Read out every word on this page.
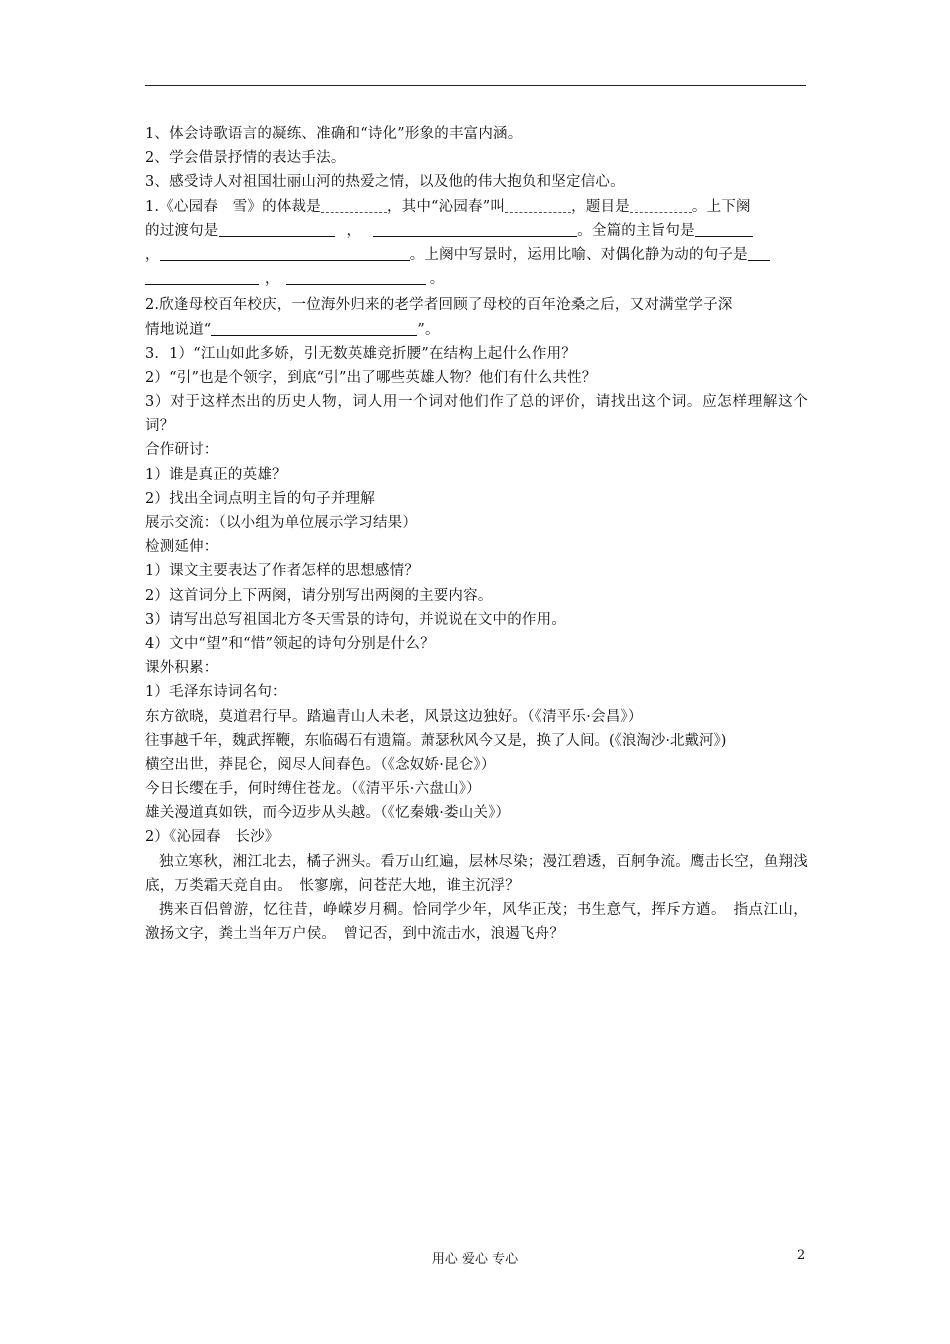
1、体会诗歌语言的凝练、准确和“诗化”形象的丰富内涵。
2、学会借景抒情的表达手法。
3、感受诗人对祖国壮丽山河的热爱之情，以及他的伟大抱负和坚定信心。
1.《心园春　雪》的体裁是	，其中“沁园春”叫	，题目是	。上下阕
的过渡句是	，	。全篇的主旨句是
，	。上阕中写景时，运用比喻、对偶化静为动的句子是
，	。
2.欣逢母校百年校庆，一位海外归来的老学者回顾了母校的百年沧桑之后，又对满堂学子深
情地说道“	”。
3．1）“江山如此多娇，引无数英雄竞折腰”在结构上起什么作用？
2）“引”也是个领字，到底“引”出了哪些英雄人物？他们有什么共性？
3）对于这样杰出的历史人物，词人用一个词对他们作了总的评价，请找出这个词。应怎样理解这个词？
合作研讨：
1）谁是真正的英雄？
2）找出全词点明主旨的句子并理解
展示交流：（以小组为单位展示学习结果）
检测延伸：
1）课文主要表达了作者怎样的思想感情？
2）这首词分上下两阕，请分别写出两阕的主要内容。
3）请写出总写祖国北方冬天雪景的诗句，并说说在文中的作用。
4）文中“望”和“惜”领起的诗句分别是什么？
课外积累：
1）毛泽东诗词名句：
东方欲晓，莫道君行早。踏遍青山人未老，风景这边独好。（《清平乐·会昌》）
往事越千年，魏武挥鞭，东临碣石有遗篇。萧瑟秋风今又是，换了人间。(《浪淘沙·北戴河》)
横空出世，莽昆仑，阅尽人间春色。（《念奴娇·昆仑》）
今日长缨在手，何时缚住苍龙。（《清平乐·六盘山》）
雄关漫道真如铁，而今迈步从头越。（《忆秦娥·娄山关》）
2）《沁园春　长沙》
独立寒秋，湘江北去，橘子洲头。看万山红遍，层林尽染；漫江碧透，百舸争流。鹰击长空，鱼翔浅底，万类霜天竞自由。　怅寥廓，问苍茫大地，谁主沉浮？
携来百侣曾游，忆往昔，峥嵘岁月稠。恰同学少年，风华正茂；书生意气，挥斥方遒。　指点江山，激扬文字，粪土当年万户侯。　曾记否，到中流击水，浪遏飞舟？
用心 爱心 专心	2
